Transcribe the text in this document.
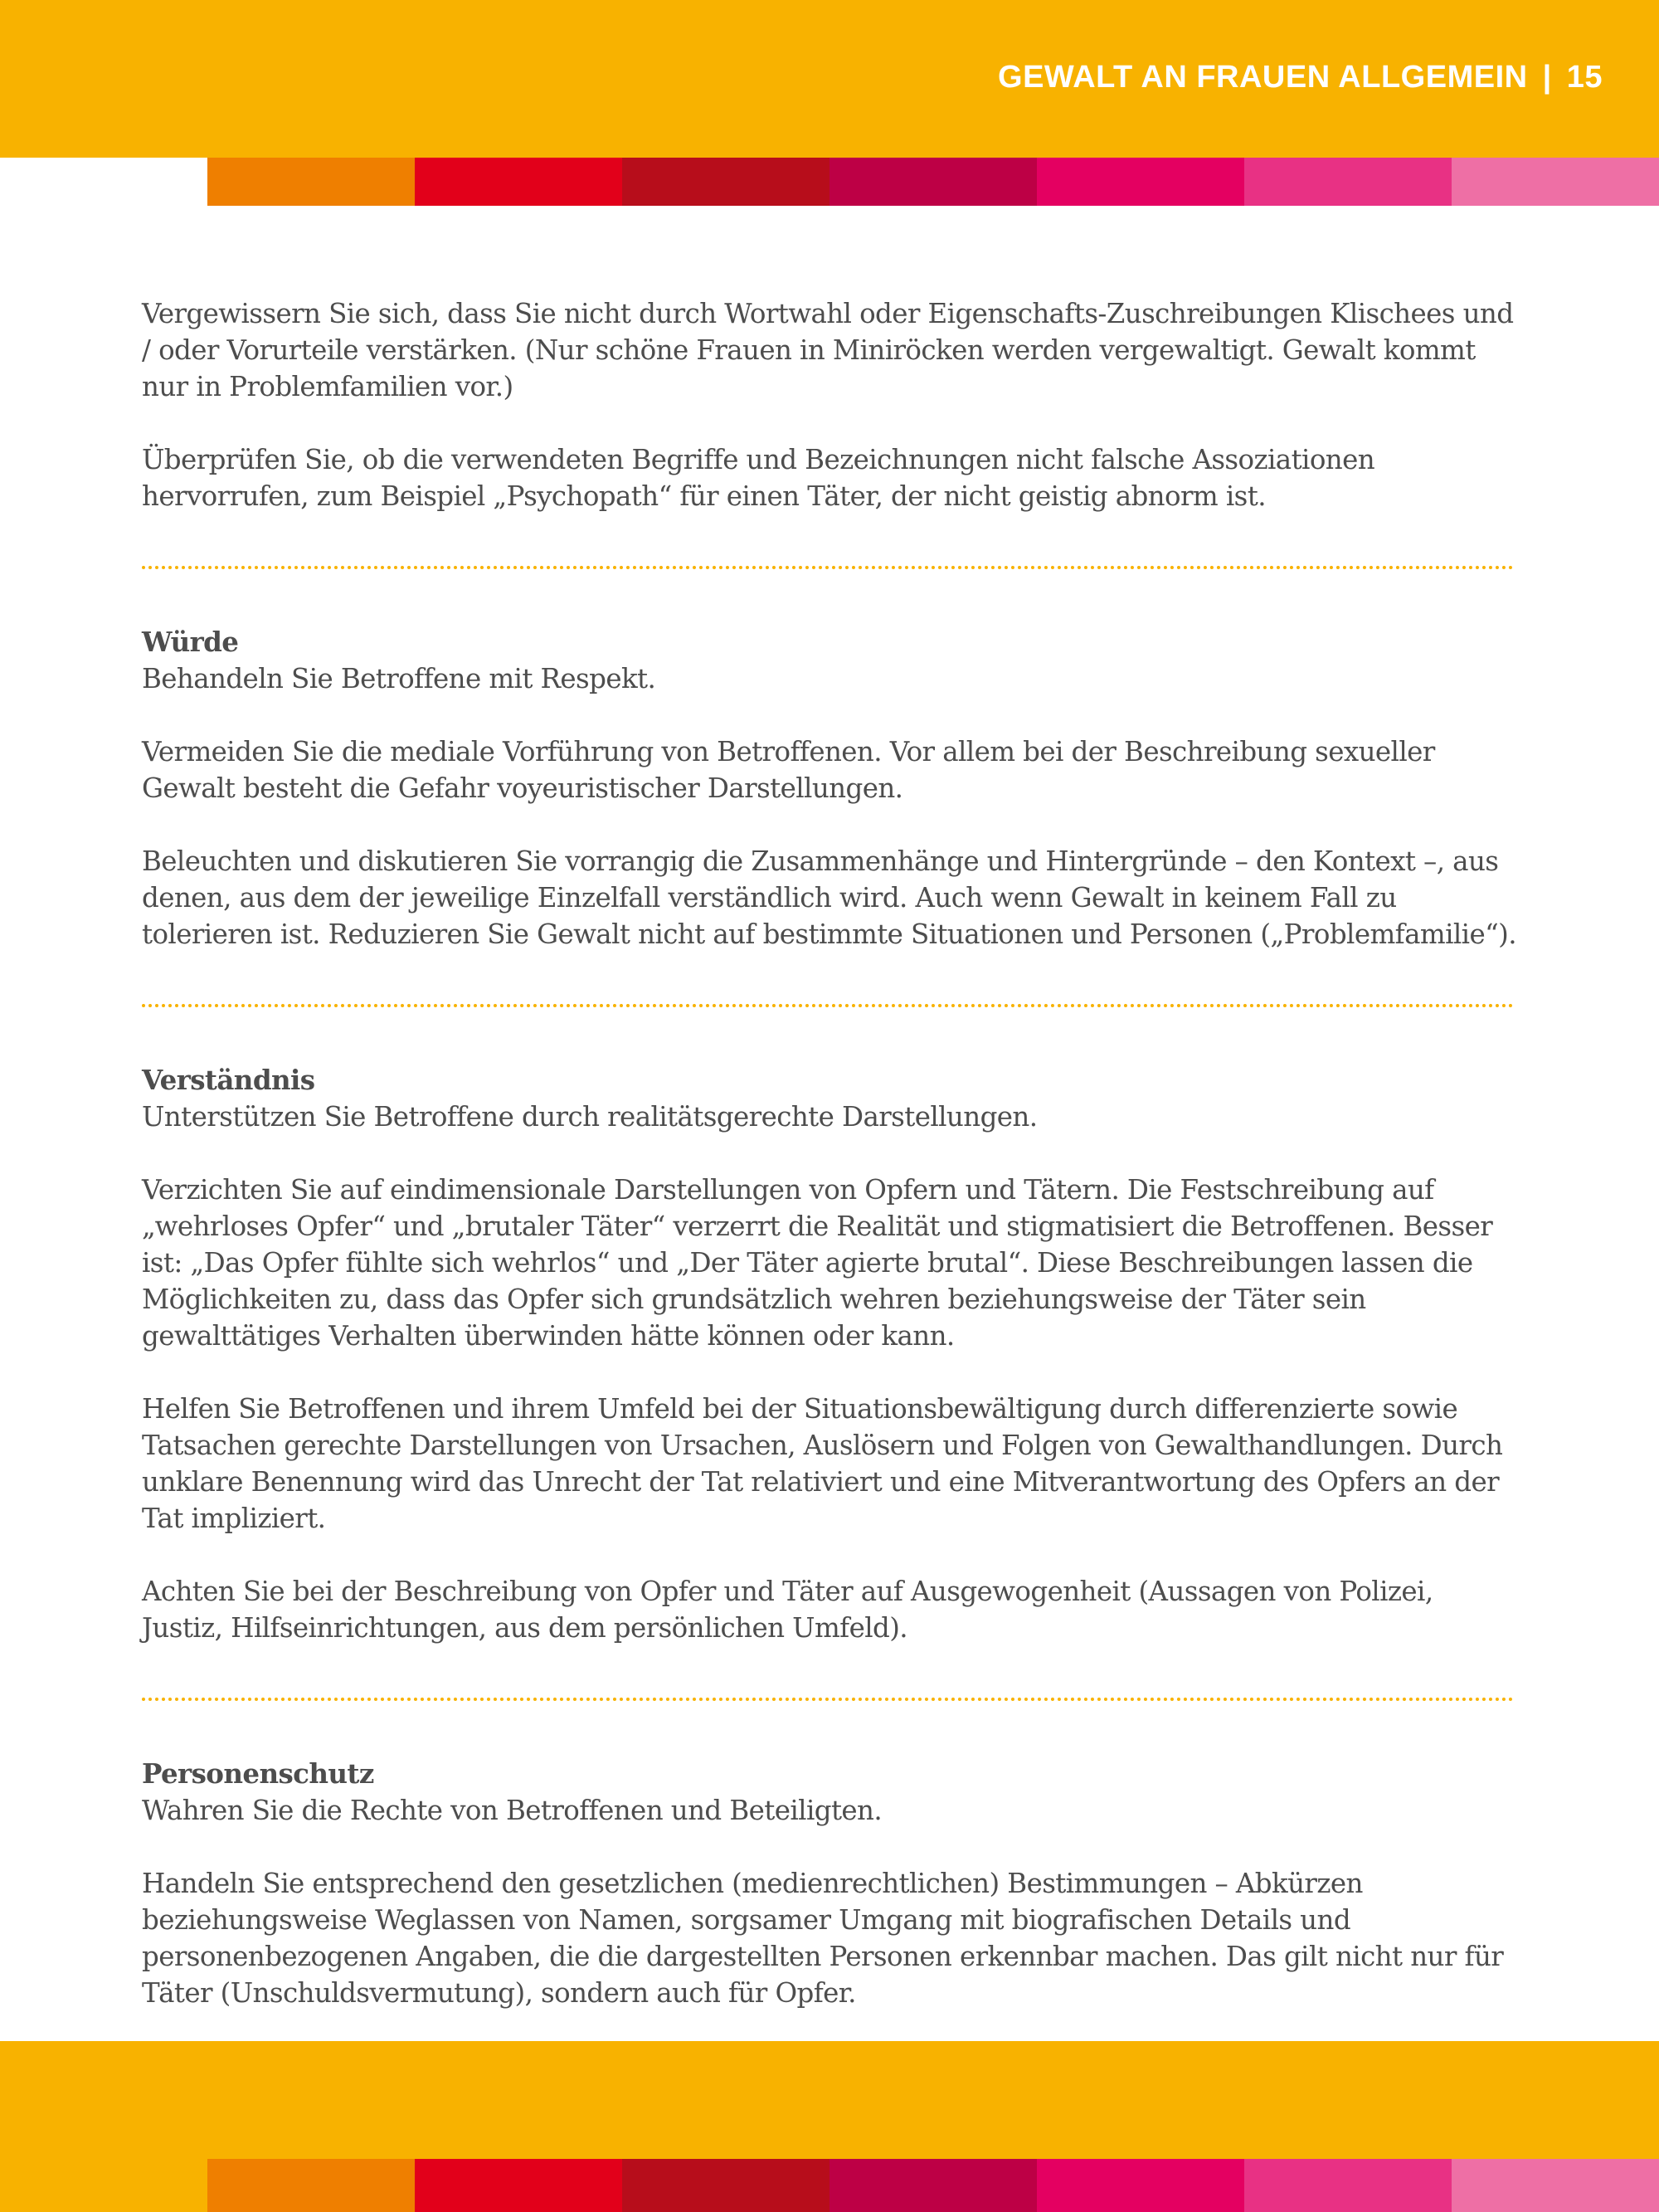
GEWALT AN FRAUEN ALLGEMEIN | 15

Vergewissern Sie sich, dass Sie nicht durch Wortwahl oder Eigenschafts-Zuschreibungen Klischees und / oder Vorurteile verstärken. (Nur schöne Frauen in Miniröcken werden vergewaltigt. Gewalt kommt nur in Problemfamilien vor.)

Überprüfen Sie, ob die verwendeten Begriffe und Bezeichnungen nicht falsche Assoziationen hervorrufen, zum Beispiel „Psychopath“ für einen Täter, der nicht geistig abnorm ist.

Würde

Behandeln Sie Betroffene mit Respekt.

Vermeiden Sie die mediale Vorführung von Betroffenen. Vor allem bei der Beschreibung sexueller Gewalt besteht die Gefahr voyeuristischer Darstellungen.

Beleuchten und diskutieren Sie vorrangig die Zusammenhänge und Hintergründe – den Kontext –, aus denen, aus dem der jeweilige Einzelfall verständlich wird. Auch wenn Gewalt in keinem Fall zu tolerieren ist. Reduzieren Sie Gewalt nicht auf bestimmte Situationen und Personen („Problemfamilie“).

Verständnis

Unterstützen Sie Betroffene durch realitätsgerechte Darstellungen.

Verzichten Sie auf eindimensionale Darstellungen von Opfern und Tätern. Die Festschreibung auf „wehrloses Opfer“ und „brutaler Täter“ verzerrt die Realität und stigmatisiert die Betroffenen. Besser ist: „Das Opfer fühlte sich wehrlos“ und „Der Täter agierte brutal“. Diese Beschreibungen lassen die Möglichkeiten zu, dass das Opfer sich grundsätzlich wehren beziehungsweise der Täter sein gewalttätiges Verhalten überwinden hätte können oder kann.

Helfen Sie Betroffenen und ihrem Umfeld bei der Situationsbewältigung durch differenzierte sowie Tatsachen gerechte Darstellungen von Ursachen, Auslösern und Folgen von Gewalthandlungen. Durch unklare Benennung wird das Unrecht der Tat relativiert und eine Mitverantwortung des Opfers an der Tat impliziert.

Achten Sie bei der Beschreibung von Opfer und Täter auf Ausgewogenheit (Aussagen von Polizei, Justiz, Hilfseinrichtungen, aus dem persönlichen Umfeld).

Personenschutz

Wahren Sie die Rechte von Betroffenen und Beteiligten.

Handeln Sie entsprechend den gesetzlichen (medienrechtlichen) Bestimmungen – Abkürzen beziehungsweise Weglassen von Namen, sorgsamer Umgang mit biografischen Details und personenbezogenen Angaben, die die dargestellten Personen erkennbar machen. Das gilt nicht nur für Täter (Unschuldsvermutung), sondern auch für Opfer.
